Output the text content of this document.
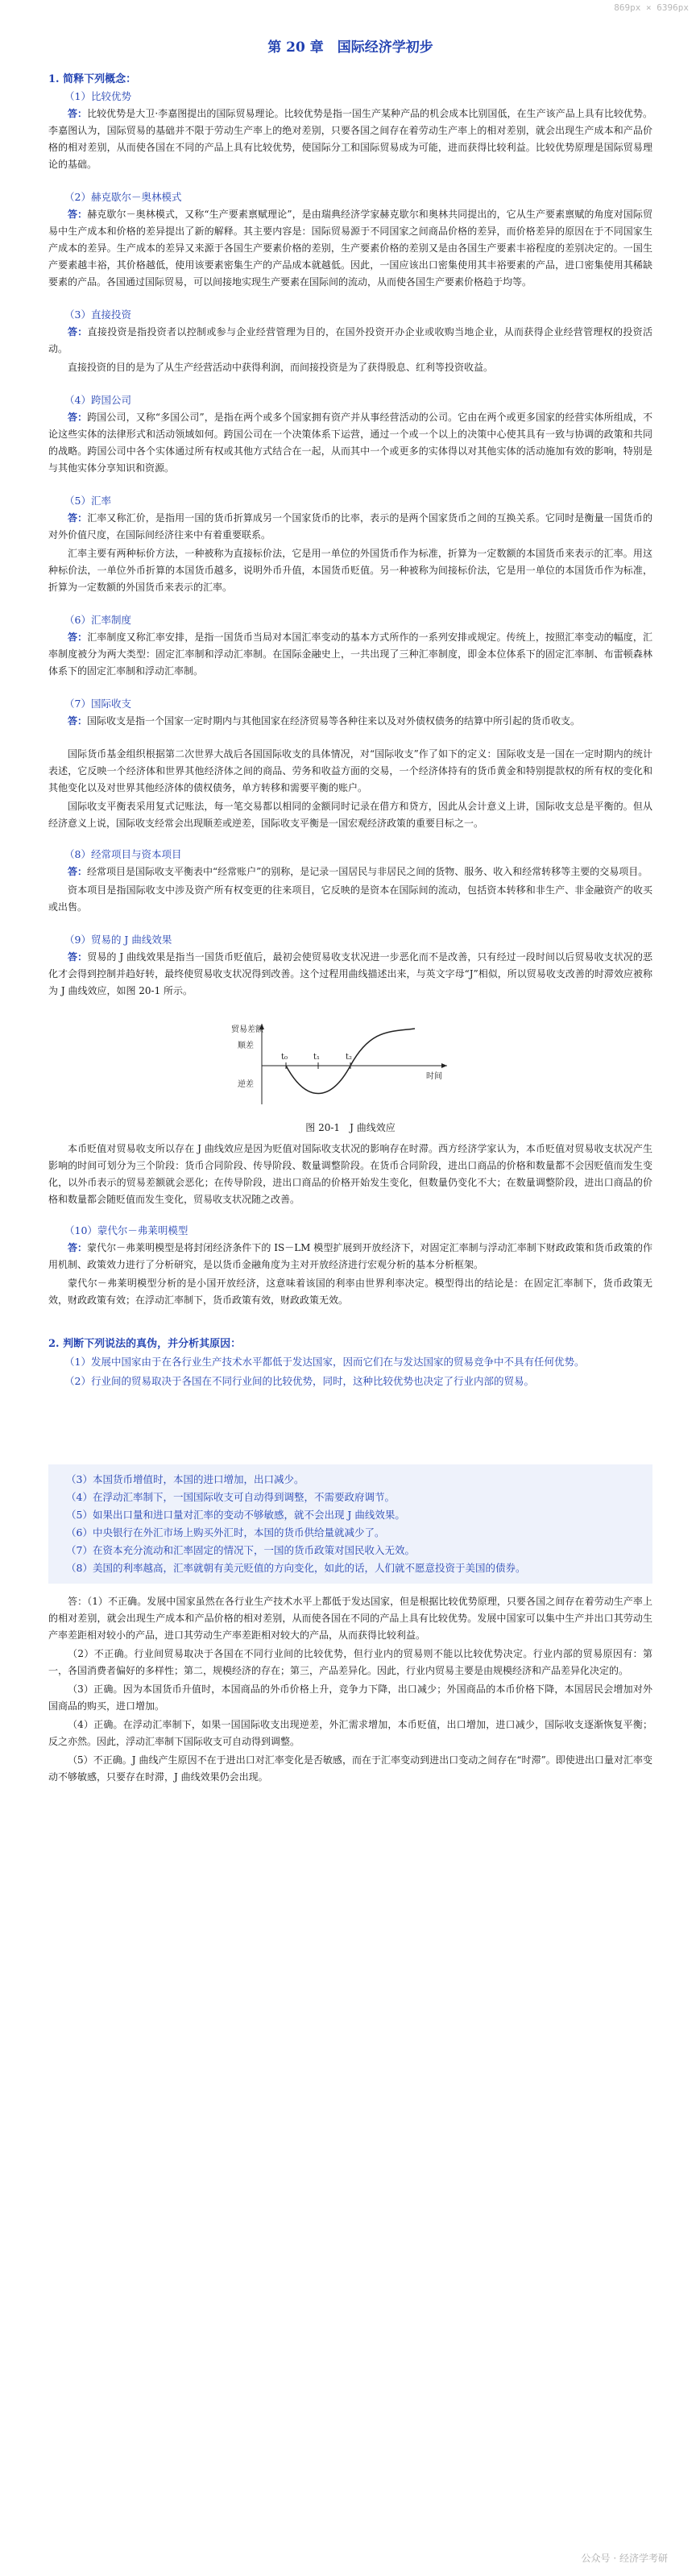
869px × 6396px
第 20 章　国际经济学初步
1. 简释下列概念：
（1）比较优势

答：比较优势是大卫·李嘉图提出的国际贸易理论。比较优势是指一国生产某种产品的机会成本比别国低，在生产该产品上具有比较优势。李嘉图认为，国际贸易的基础并不限于劳动生产率上的绝对差别，只要各国之间存在着劳动生产率上的相对差别，就会出现生产成本和产品价格的相对差别，从而使各国在不同的产品上具有比较优势，使国际分工和国际贸易成为可能，进而获得比较利益。比较优势原理是国际贸易理论的基础。

（2）赫克歇尔－奥林模式

答：赫克歇尔－奥林模式，又称“生产要素禀赋理论”，是由瑞典经济学家赫克歇尔和奥林共同提出的，它从生产要素禀赋的角度对国际贸易中生产成本和价格的差异提出了新的解释。其主要内容是：国际贸易源于不同国家之间商品价格的差异，而价格差异的原因在于不同国家生产成本的差异。生产成本的差异又来源于各国生产要素价格的差别，生产要素价格的差别又是由各国生产要素丰裕程度的差别决定的。一国生产要素越丰裕，其价格越低，使用该要素密集生产的产品成本就越低。因此，一国应该出口密集使用其丰裕要素的产品，进口密集使用其稀缺要素的产品。各国通过国际贸易，可以间接地实现生产要素在国际间的流动，从而使各国生产要素价格趋于均等。

（3）直接投资

答：直接投资是指投资者以控制或参与企业经营管理为目的，在国外投资开办企业或收购当地企业，从而获得企业经营管理权的投资活动。

直接投资的目的是为了从生产经营活动中获得利润，而间接投资是为了获得股息、红利等投资收益。

（4）跨国公司

答：跨国公司，又称“多国公司”，是指在两个或多个国家拥有资产并从事经营活动的公司。它由在两个或更多国家的经营实体所组成，不论这些实体的法律形式和活动领域如何。跨国公司在一个决策体系下运营，通过一个或一个以上的决策中心使其具有一致与协调的政策和共同的战略。跨国公司中各个实体通过所有权或其他方式结合在一起，从而其中一个或更多的实体得以对其他实体的活动施加有效的影响，特别是与其他实体分享知识和资源。

（5）汇率

答：汇率又称汇价，是指用一国的货币折算成另一个国家货币的比率，表示的是两个国家货币之间的互换关系。它同时是衡量一国货币的对外价值尺度，在国际间经济往来中有着重要联系。

汇率主要有两种标价方法，一种被称为直接标价法，它是用一单位的外国货币作为标准，折算为一定数额的本国货币来表示的汇率。用这种标价法，一单位外币折算的本国货币越多，说明外币升值，本国货币贬值。另一种被称为间接标价法，它是用一单位的本国货币作为标准，折算为一定数额的外国货币来表示的汇率。

（6）汇率制度

答：汇率制度又称汇率安排，是指一国货币当局对本国汇率变动的基本方式所作的一系列安排或规定。传统上，按照汇率变动的幅度，汇率制度被分为两大类型：固定汇率制和浮动汇率制。在国际金融史上，一共出现了三种汇率制度，即金本位体系下的固定汇率制、布雷顿森林体系下的固定汇率制和浮动汇率制。

（7）国际收支

答：国际收支是指一个国家一定时期内与其他国家在经济贸易等各种往来以及对外债权债务的结算中所引起的货币收支。

国际货币基金组织根据第二次世界大战后各国国际收支的具体情况，对“国际收支”作了如下的定义：国际收支是一国在一定时期内的统计表述，它反映一个经济体和世界其他经济体之间的商品、劳务和收益方面的交易，一个经济体持有的货币黄金和特别提款权的所有权的变化和其他变化以及对世界其他经济体的债权债务，单方转移和需要平衡的账户。

国际收支平衡表采用复式记账法，每一笔交易都以相同的金额同时记录在借方和贷方，因此从会计意义上讲，国际收支总是平衡的。但从经济意义上说，国际收支经常会出现顺差或逆差，国际收支平衡是一国宏观经济政策的重要目标之一。

（8）经常项目与资本项目

答：经常项目是国际收支平衡表中“经常账户”的别称，是记录一国居民与非居民之间的货物、服务、收入和经常转移等主要的交易项目。

资本项目是指国际收支中涉及资产所有权变更的往来项目，它反映的是资本在国际间的流动，包括资本转移和非生产、非金融资产的收买或出售。

（9）贸易的 J 曲线效果

答：贸易的 J 曲线效果是指当一国货币贬值后，最初会使贸易收支状况进一步恶化而不是改善，只有经过一段时间以后贸易收支状况的恶化才会得到控制并趋好转，最终使贸易收支状况得到改善。这个过程用曲线描述出来，与英文字母“J”相似，所以贸易收支改善的时滞效应被称为 J 曲线效应，如图 20-1 所示。

贸易差额
顺差
逆差
时间
t₀	t₁	t₂
图 20-1　J 曲线效应

本币贬值对贸易收支所以存在 J 曲线效应是因为贬值对国际收支状况的影响存在时滞。西方经济学家认为，本币贬值对贸易收支状况产生影响的时间可划分为三个阶段：货币合同阶段、传导阶段、数量调整阶段。在货币合同阶段，进出口商品的价格和数量都不会因贬值而发生变化，以外币表示的贸易差额就会恶化；在传导阶段，进出口商品的价格开始发生变化，但数量仍变化不大；在数量调整阶段，进出口商品的价格和数量都会随贬值而发生变化，贸易收支状况随之改善。

（10）蒙代尔－弗莱明模型

答：蒙代尔－弗莱明模型是将封闭经济条件下的 IS－LM 模型扩展到开放经济下，对固定汇率制与浮动汇率制下财政政策和货币政策的作用机制、政策效力进行了分析研究，是以货币金融角度为主对开放经济进行宏观分析的基本分析框架。

蒙代尔－弗莱明模型分析的是小国开放经济，这意味着该国的利率由世界利率决定。模型得出的结论是：在固定汇率制下，货币政策无效，财政政策有效；在浮动汇率制下，货币政策有效，财政政策无效。

2. 判断下列说法的真伪，并分析其原因：
（1）发展中国家由于在各行业生产技术水平都低于发达国家，因而它们在与发达国家的贸易竞争中不具有任何优势。
（2）行业间的贸易取决于各国在不同行业间的比较优势，同时，这种比较优势也决定了行业内部的贸易。
（3）本国货币增值时，本国的进口增加，出口减少。
（4）在浮动汇率制下，一国国际收支可自动得到调整，不需要政府调节。
（5）如果出口量和进口量对汇率的变动不够敏感，就不会出现 J 曲线效果。
（6）中央银行在外汇市场上购买外汇时，本国的货币供给量就减少了。
（7）在资本充分流动和汇率固定的情况下，一国的货币政策对国民收入无效。
（8）美国的利率越高，汇率就朝有美元贬值的方向变化，如此的话，人们就不愿意投资于美国的债券。

答：（1）不正确。发展中国家虽然在各行业生产技术水平上都低于发达国家，但是根据比较优势原理，只要各国之间存在着劳动生产率上的相对差别，就会出现生产成本和产品价格的相对差别，从而使各国在不同的产品上具有比较优势。发展中国家可以集中生产并出口其劳动生产率差距相对较小的产品，进口其劳动生产率差距相对较大的产品，从而获得比较利益。

（2）不正确。行业间贸易取决于各国在不同行业间的比较优势，但行业内的贸易则不能以比较优势决定。行业内部的贸易原因有：第一，各国消费者偏好的多样性；第二，规模经济的存在；第三，产品差异化。因此，行业内贸易主要是由规模经济和产品差异化决定的。

（3）正确。因为本国货币升值时，本国商品的外币价格上升，竞争力下降，出口减少；外国商品的本币价格下降，本国居民会增加对外国商品的购买，进口增加。

（4）正确。在浮动汇率制下，如果一国国际收支出现逆差，外汇需求增加，本币贬值，出口增加，进口减少，国际收支逐渐恢复平衡；反之亦然。因此，浮动汇率制下国际收支可自动得到调整。

（5）不正确。J 曲线产生原因不在于进出口对汇率变化是否敏感，而在于汇率变动到进出口变动之间存在“时滞”。即使进出口量对汇率变动不够敏感，只要存在时滞，J 曲线效果仍会出现。

公众号 · 经济学考研
